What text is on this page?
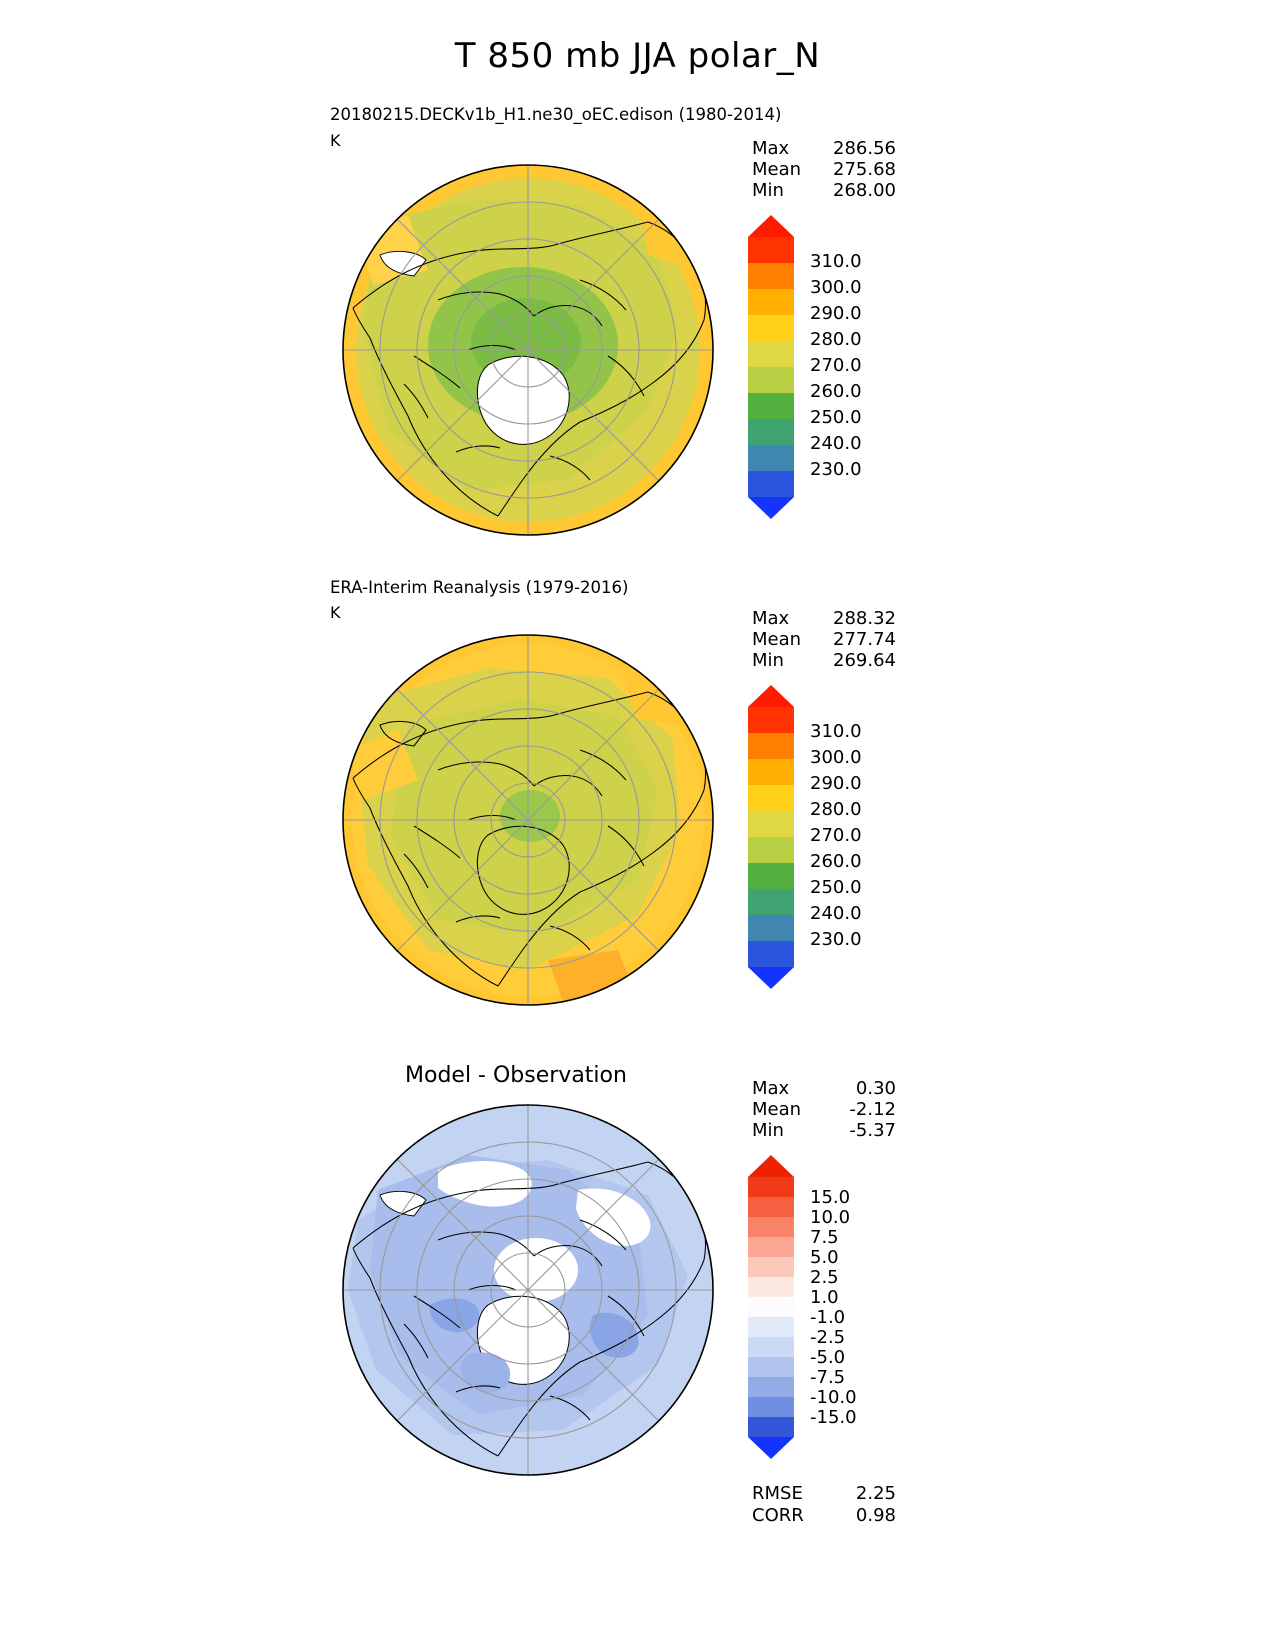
T 850 mb JJA polar_N
20180215.DECKv1b_H1.ne30_oEC.edison (1980-2014)
K	Max 286.56
Mean 275.68
Min	268.00
310.0
300.0
290.0
280.0
270.0
260.0
250.0
240.0
230.0
ERA-Interim Reanalysis (1979-2016)
K	Max 288.32
Mean 277.74
Min	269.64
310.0
300.0
290.0
280.0
270.0
260.0
250.0
240.0
230.0
Model - Observation
Max	0.30
Mean	-2.12
Min	-5.37
15.0
10.0
7.5
5.0
2.5
1.0
-1.0
-2.5
-5.0
-7.5
-10.0
-15.0
RMSE	2.25
CORR	0.98
